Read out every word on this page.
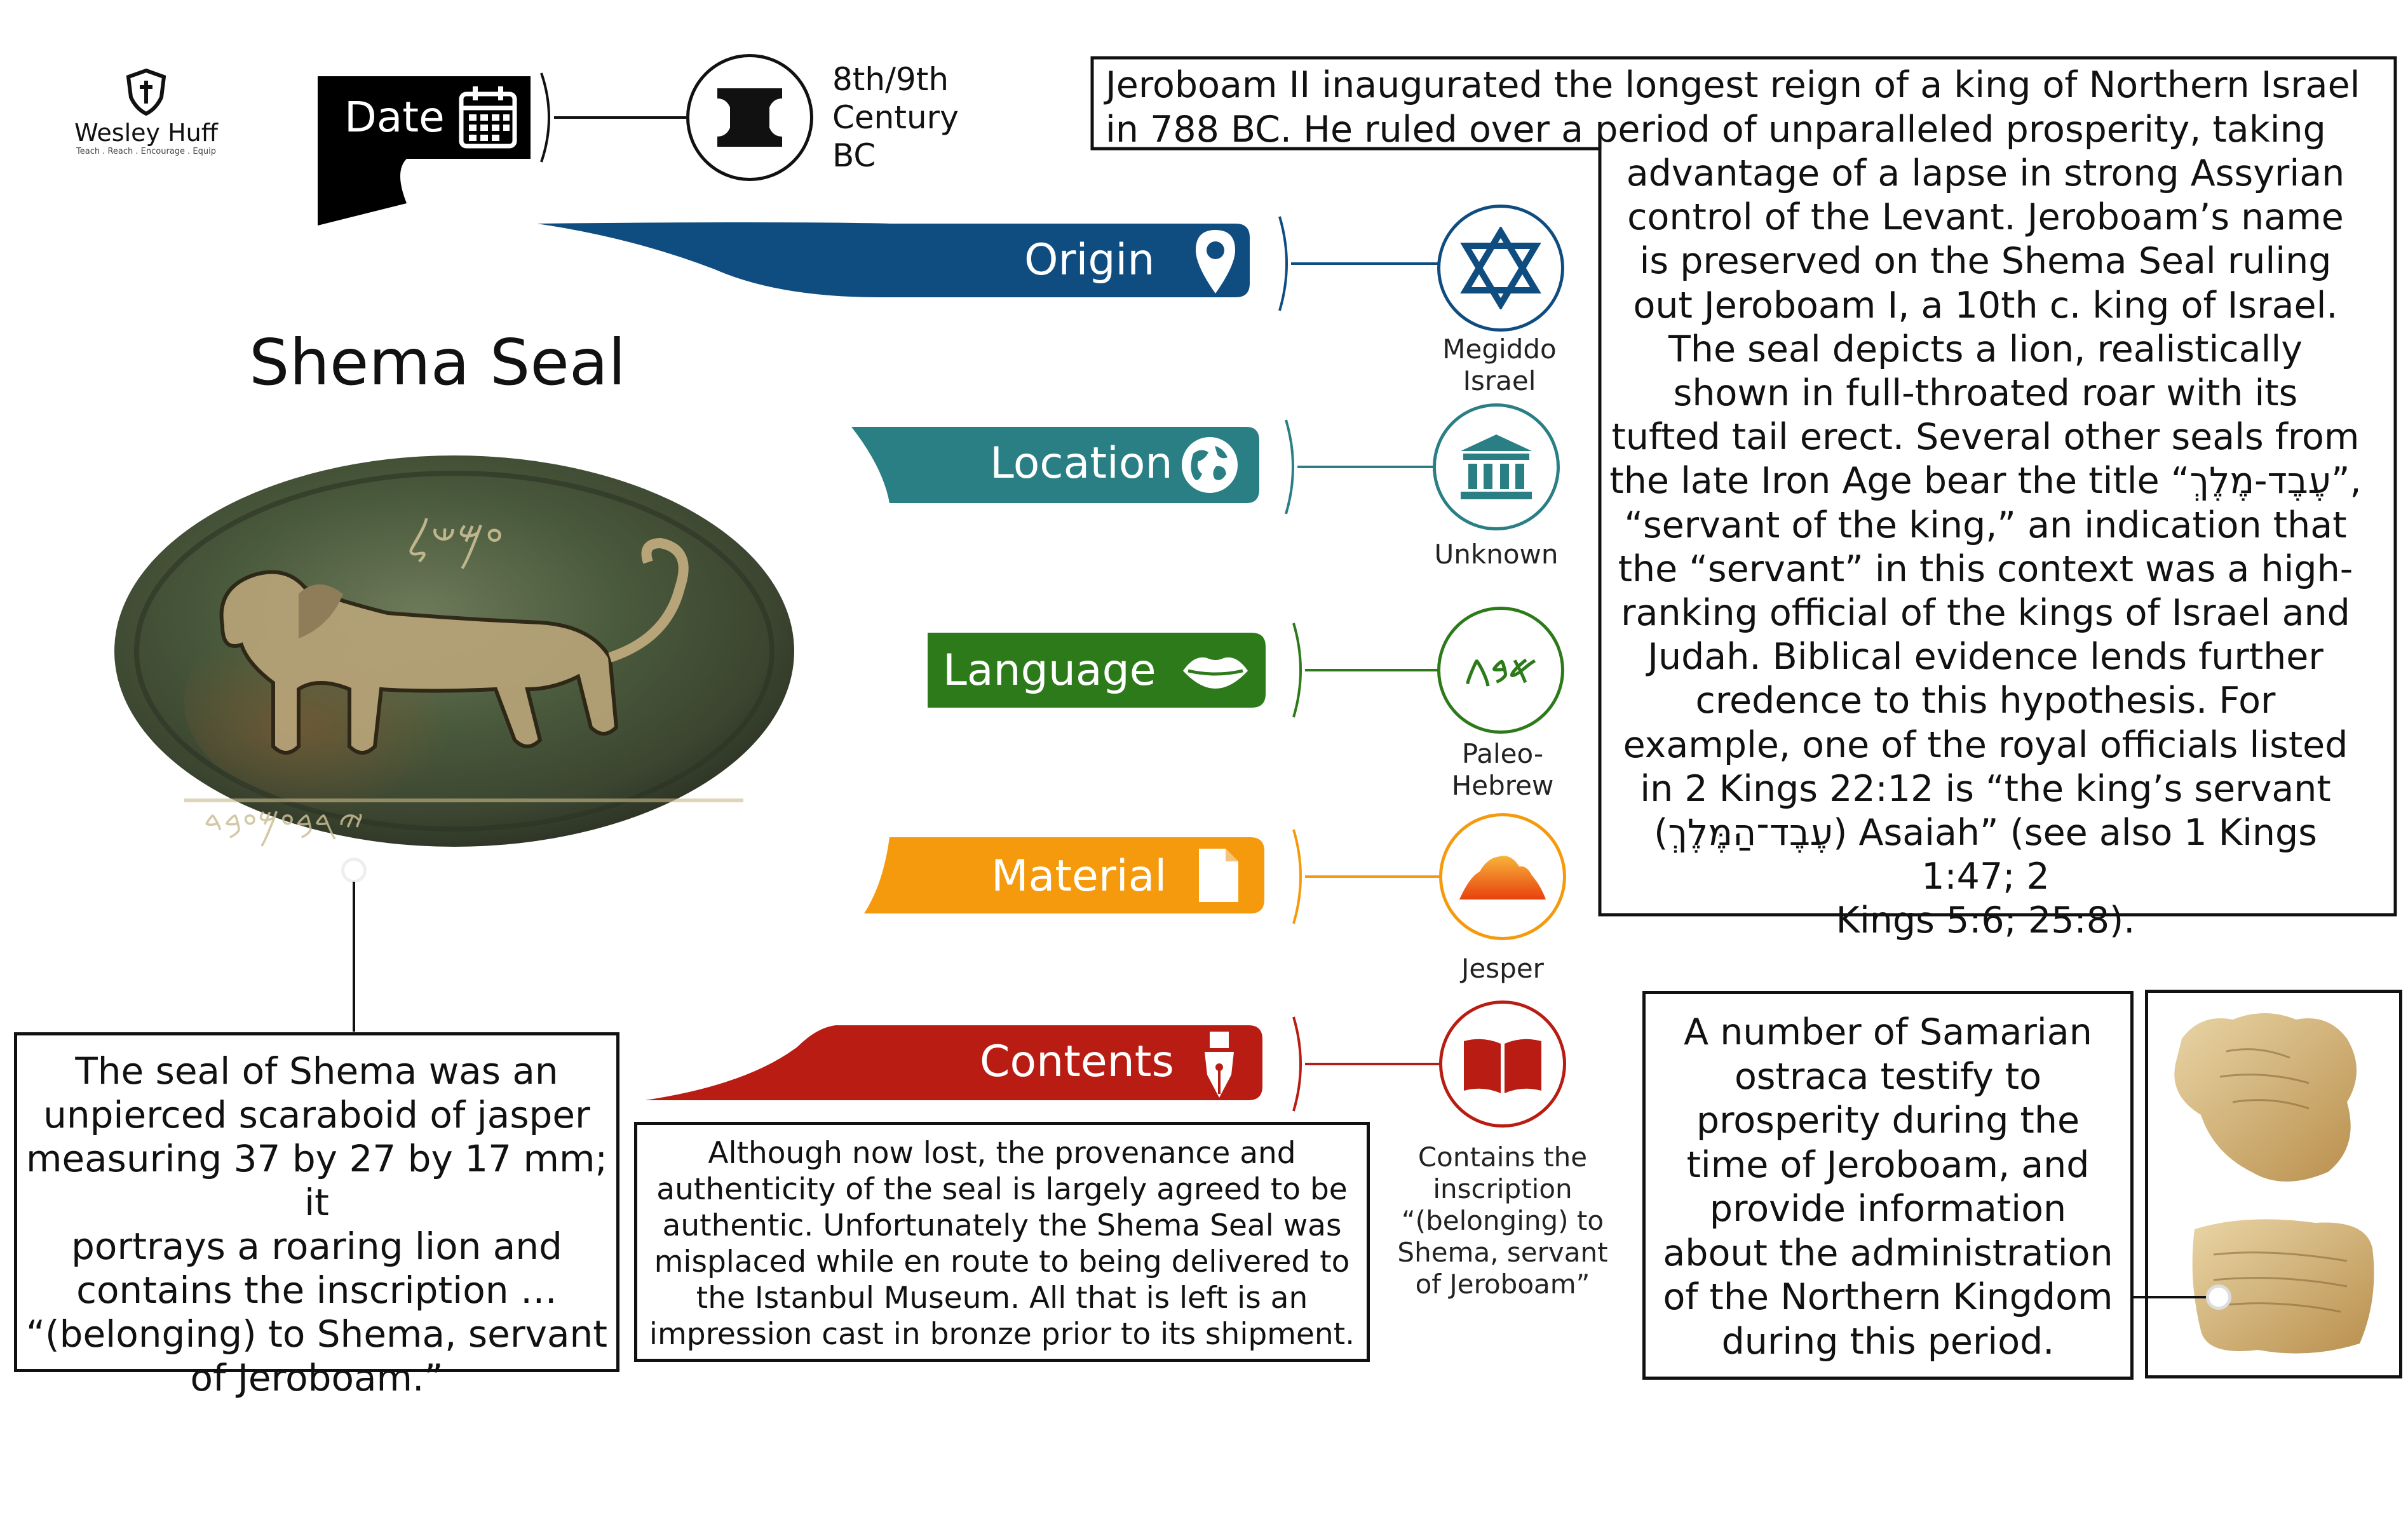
Wesley Huff
Teach . Reach . Encourage . Equip
Date
8th/9th
Century
BC
Shema Seal
𐤏𐤌𐤔𐤋
𐤉𐤓𐤁𐤏𐤌𐤏𐤁𐤃
Origin
Location
Language
Material
Contents
Megiddo
Israel
Unknown
𐤀𐤁𐤂
Paleo-
Hebrew
Jesper
Contains the
inscription
“(belonging) to
Shema, servant
of Jeroboam”
Jeroboam II inaugurated the longest reign of a king of Northern Israel
in 788 BC. He ruled over a period of unparalleled prosperity, taking
advantage of a lapse in strong Assyrian
control of the Levant. Jeroboam’s name
is preserved on the Shema Seal ruling
out Jeroboam I, a 10th c. king of Israel.
The seal depicts a lion, realistically
shown in full-throated roar with its
tufted tail erect. Several other seals from
the late Iron Age bear the title “עֶבֶד-מֶלֶךְ”,
“servant of the king,” an indication that
the “servant” in this context was a high-
ranking official of the kings of Israel and
Judah. Biblical evidence lends further
credence to this hypothesis. For
example, one of the royal officials listed
in 2 Kings 22:12 is “the king’s servant
(עֶבֶד־הַמֶּלֶךְ) Asaiah” (see also 1 Kings 1:47; 2
Kings 5:6; 25:8).
The seal of Shema was an
unpierced scaraboid of jasper
measuring 37 by 27 by 17 mm; it
portrays a roaring lion and
contains the inscription …
“(belonging) to Shema, servant
of Jeroboam.”
Although now lost, the provenance and
authenticity of the seal is largely agreed to be
authentic. Unfortunately the Shema Seal was
misplaced while en route to being delivered to
the Istanbul Museum. All that is left is an
impression cast in bronze prior to its shipment.
A number of Samarian
ostraca testify to
prosperity during the
time of Jeroboam, and
provide information
about the administration
of the Northern Kingdom
during this period.
